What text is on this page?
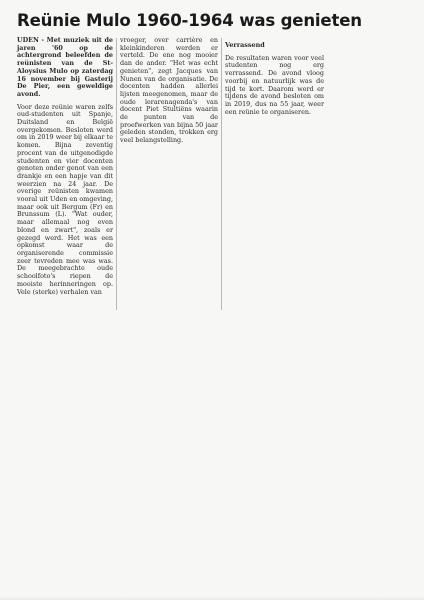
Reünie Mulo 1960-1964 was genieten

UDEN - Met muziek uit de jaren '60 op de achtergrond beleefden de reünisten van de St-Aloysius Mulo op zaterdag 16 november bij Gasterij De Pier, een geweldige avond.

Voor deze reünie waren zelfs oud-studenten uit Spanje, Duitsland en België overgekomen. Besloten werd om in 2019 weer bij elkaar te komen. Bijna zeventig procent van de uitgenodigde studenten en vier docenten genoten onder genot van een drankje en een hapje van dit weerzien na 24 jaar. De overige reünisten kwamen vooral uit Uden en omgeving, maar ook uit Bergum (Fr) en Brunssum (L). "Wat ouder, maar allemaal nog even blond en zwart", zoals er gezegd werd. Het was een opkomst waar de organiserende commissie zeer tevreden mee was was. De meegebrachte oude schoolfoto's riepen de mooiste herinneringen op. Vele (sterke) verhalen van

vroeger, over carrière en kleinkinderen werden er verteld. De ene nog mooier dan de ander. "Het was echt genieten", zegt Jacques van Nunen van de organisatie. De docenten hadden allerlei lijsten meegenomen, maar de oude lerarenagenda's van docent Piet Stultiëns waarin de punten van de proefwerken van bijna 50 jaar geleden stonden, trokken erg veel belangstelling.

Verrassend

De resultaten waren voor veel studenten nog erg verrassend. De avond vloog voorbij en natuurlijk was de tijd te kort. Daarom werd er tijdens de avond besloten om in 2019, dus na 55 jaar, weer een reünie te organiseren.
